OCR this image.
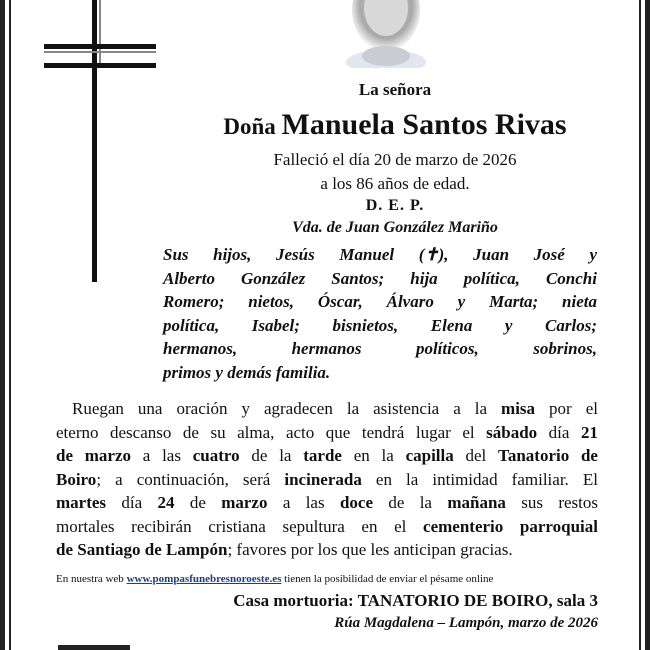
La señora
Doña Manuela Santos Rivas
Falleció el día 20 de marzo de 2026
a los 86 años de edad.
D. E. P.
Vda. de Juan González Mariño
Sus hijos, Jesús Manuel (✝), Juan José y
Alberto González Santos; hija política, Conchi
Romero; nietos, Óscar, Álvaro y Marta; nieta
política, Isabel; bisnietos, Elena y Carlos;
hermanos, hermanos políticos, sobrinos,
primos y demás familia.
Ruegan una oración y agradecen la asistencia a la misa por el
eterno descanso de su alma, acto que tendrá lugar el sábado día 21
de marzo a las cuatro de la tarde en la capilla del Tanatorio de
Boiro; a continuación, será incinerada en la intimidad familiar. El
martes día 24 de marzo a las doce de la mañana sus restos
mortales recibirán cristiana sepultura en el cementerio parroquial
de Santiago de Lampón; favores por los que les anticipan gracias.
En nuestra web www.pompasfunebresnoroeste.es tienen la posibilidad de enviar el pésame online
Casa mortuoria: TANATORIO DE BOIRO, sala 3
Rúa Magdalena – Lampón, marzo de 2026
